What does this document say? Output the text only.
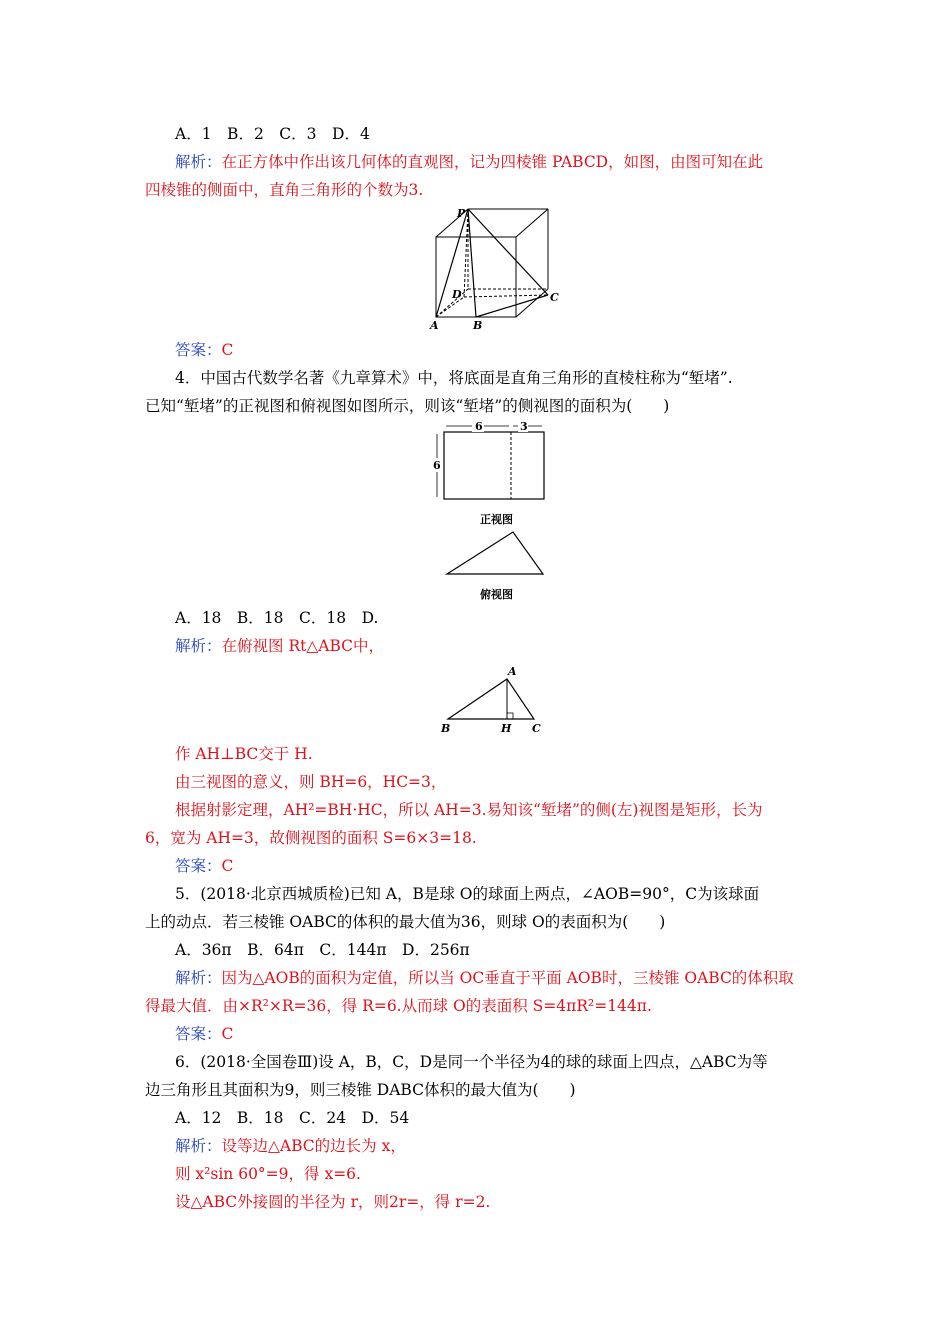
A．1　B．2　C．3　D．4
解析：在正方体中作出该几何体的直观图，记为四棱锥 PABCD，如图，由图可知在此
四棱锥的侧面中，直角三角形的个数为3.
P
D	C
A	B
答案：C
4．中国古代数学名著《九章算术》中，将底面是直角三角形的直棱柱称为“堑堵”.
已知“堑堵”的正视图和俯视图如图所示，则该“堑堵”的侧视图的面积为(　　)
6	3
6
正视图
俯视图
A．18　B．18　C．18　D.
解析：在俯视图 Rt△ABC中，
A
B	H C
作 AH⊥BC交于 H.
由三视图的意义，则 BH=6，HC=3，
根据射影定理，AH²=BH·HC，所以 AH=3.易知该“堑堵”的侧(左)视图是矩形，长为
6，宽为 AH=3，故侧视图的面积 S=6×3=18.
答案：C
5．(2018·北京西城质检)已知 A，B是球 O的球面上两点，∠AOB=90°，C为该球面
上的动点．若三棱锥 OABC的体积的最大值为36，则球 O的表面积为(　　)
A．36π　B．64π　C．144π　D．256π
解析：因为△AOB的面积为定值，所以当 OC垂直于平面 AOB时，三棱锥 OABC的体积取
得最大值．由×R²×R=36，得 R=6.从而球 O的表面积 S=4πR²=144π.
答案：C
6．(2018·全国卷Ⅲ)设 A，B，C，D是同一个半径为4的球的球面上四点，△ABC为等
边三角形且其面积为9，则三棱锥 DABC体积的最大值为(　　)
A．12　B．18　C．24　D．54
解析：设等边△ABC的边长为 x，
则 x²sin 60°=9，得 x=6.
设△ABC外接圆的半径为 r，则2r=，得 r=2.
